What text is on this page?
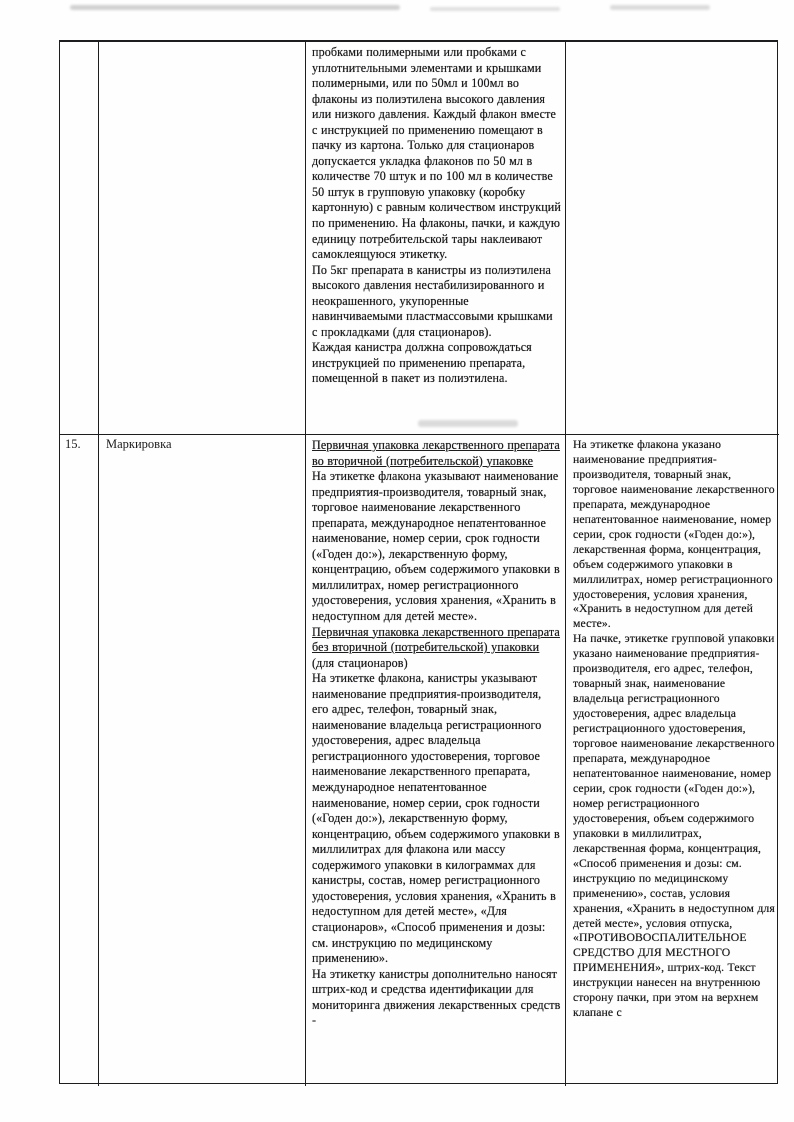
пробками полимерными или пробками с уплотнительными элементами и крышками полимерными, или по 50мл и 100мл во флаконы из полиэтилена высокого давления или низкого давления. Каждый флакон вместе с инструкцией по применению помещают в пачку из картона. Только для стационаров допускается укладка флаконов по 50 мл в количестве 70 штук и по 100 мл в количестве 50 штук в групповую упаковку (коробку картонную) с равным количеством инструкций по применению. На флаконы, пачки, и каждую единицу потребительской тары наклеивают самоклеящуюся этикетку.

По 5кг препарата в канистры из полиэтилена высокого давления нестабилизированного и неокрашенного, укупоренные навинчиваемыми пластмассовыми крышками с прокладками (для стационаров).

Каждая канистра должна сопровождаться инструкцией по применению препарата, помещенной в пакет из полиэтилена.

15.	Маркировка	Первичная упаковка лекарственного препарата во вторичной (потребительской) упаковке

На этикетке флакона указывают наименование предприятия-производителя, товарный знак, торговое наименование лекарственного препарата, международное непатентованное наименование, номер серии, срок годности («Годен до:»), лекарственную форму, концентрацию, объем содержимого упаковки в миллилитрах, номер регистрационного удостоверения, условия хранения, «Хранить в недоступном для детей месте».

Первичная упаковка лекарственного препарата без вторичной (потребительской) упаковки (для стационаров)

На этикетке флакона, канистры указывают наименование предприятия-производителя, его адрес, телефон, товарный знак, наименование владельца регистрационного удостоверения, адрес владельца регистрационного удостоверения, торговое наименование лекарственного препарата, международное непатентованное наименование, номер серии, срок годности («Годен до:»), лекарственную форму, концентрацию, объем содержимого упаковки в миллилитрах для флакона или массу содержимого упаковки в килограммах для канистры, состав, номер регистрационного удостоверения, условия хранения, «Хранить в недоступном для детей месте», «Для стационаров», «Способ применения и дозы: см. инструкцию по медицинскому применению».

На этикетку канистры дополнительно наносят штрих-код и средства идентификации для мониторинга движения лекарственных средств -

На этикетке флакона указано наименование предприятия-производителя, товарный знак, торговое наименование лекарственного препарата, международное непатентованное наименование, номер серии, срок годности («Годен до:»), лекарственная форма, концентрация, объем содержимого упаковки в миллилитрах, номер регистрационного удостоверения, условия хранения, «Хранить в недоступном для детей месте».

На пачке, этикетке групповой упаковки указано наименование предприятия-производителя, его адрес, телефон, товарный знак, наименование владельца регистрационного удостоверения, адрес владельца регистрационного удостоверения, торговое наименование лекарственного препарата, международное непатентованное наименование, номер серии, срок годности («Годен до:»), номер регистрационного удостоверения, объем содержимого упаковки в миллилитрах, лекарственная форма, концентрация, «Способ применения и дозы: см. инструкцию по медицинскому применению», состав, условия хранения, «Хранить в недоступном для детей месте», условия отпуска, «ПРОТИВОВОСПАЛИТЕЛЬНОЕ СРЕДСТВО ДЛЯ МЕСТНОГО ПРИМЕНЕНИЯ», штрих-код. Текст инструкции нанесен на внутреннюю сторону пачки, при этом на верхнем клапане с
